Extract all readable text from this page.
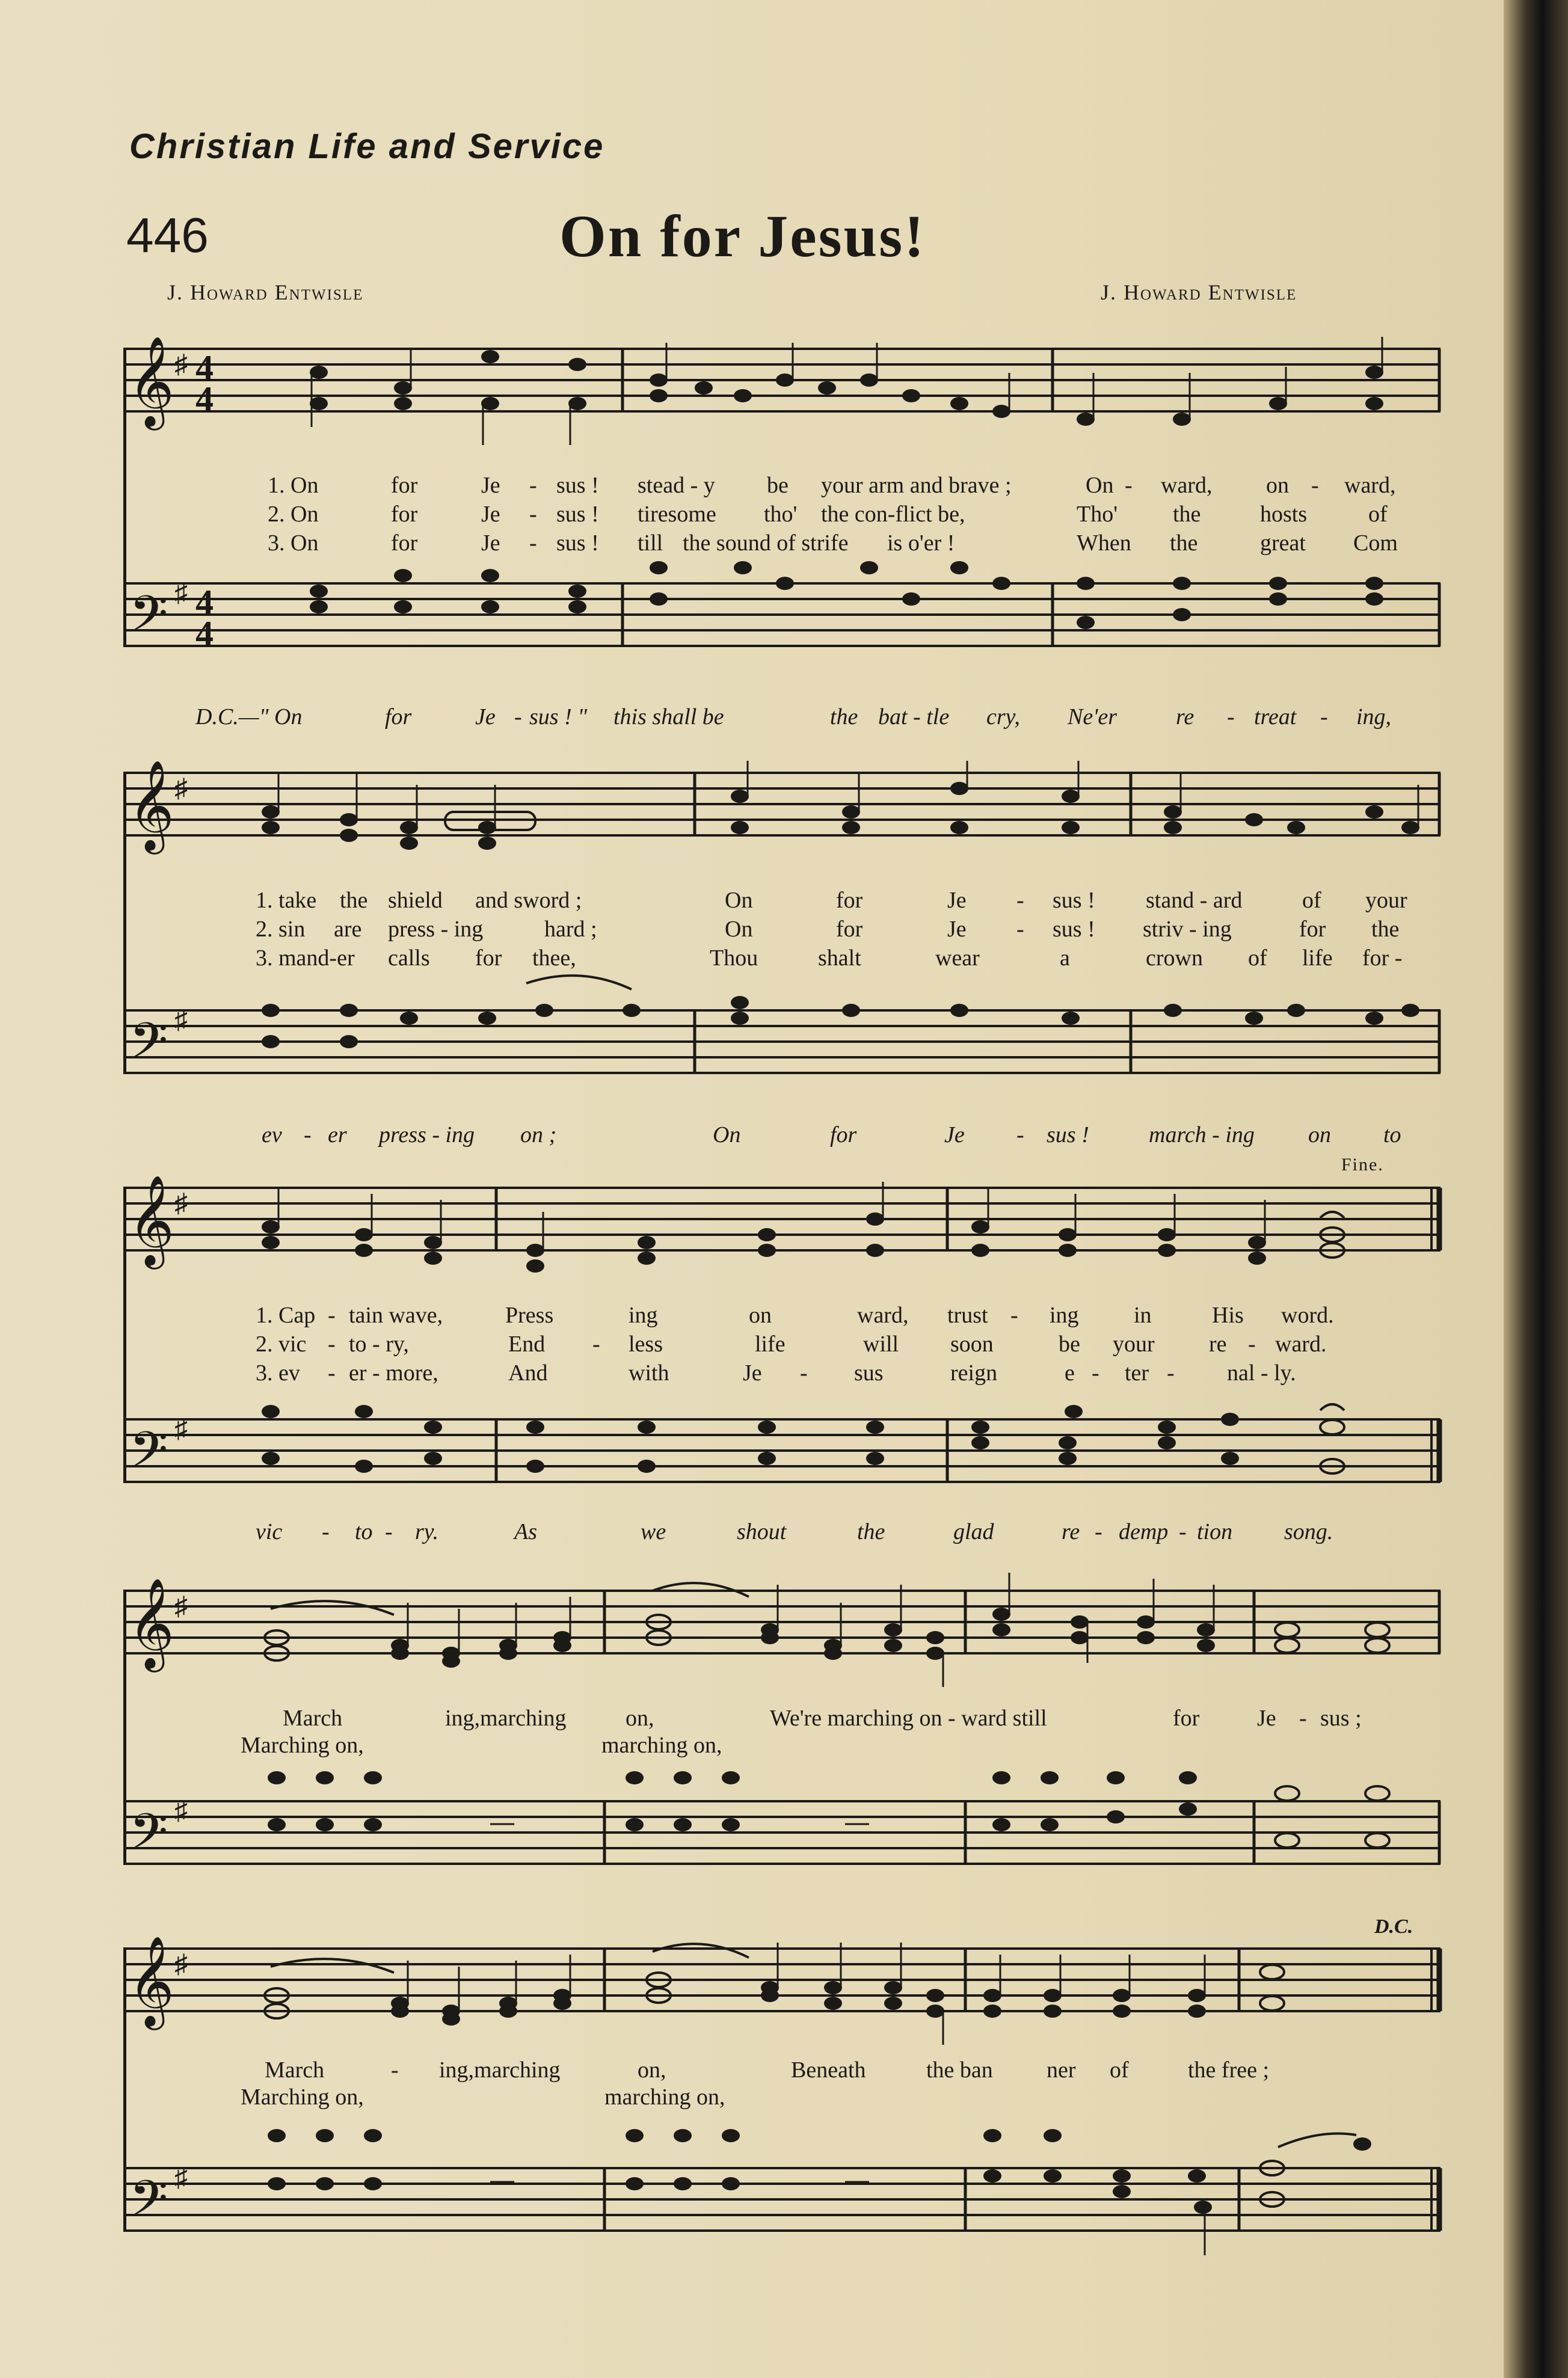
Christian Life and Service
446	On for Jesus!
J. Howard Entwisle	J. Howard Entwisle
𝄞
𝄢
♯
♯
4
4
4
4
1. On	for	Je - sus ! stead - y be your arm and brave ;	On - ward, on - ward,
2. On	for	Je - sus ! tiresome tho' the con-flict be,	Tho' the	hosts	of
3. On	for	Je - sus ! till the sound of strife is o'er !	When the	great Com
D.C.—" On	for	Je - sus ! " this shall be	the bat - tle cry, Ne'er	re - treat - ing,
𝄞
𝄢
♯
♯
1. take the shield and sword ;	On	for	Je - sus ! stand - ard	of your
2. sin are press - ing	hard ;	On	for	Je - sus ! striv - ing	for the
3. mand-er calls for thee,	Thou	shalt	wear	a	crown of life for -
ev - er press - ing on ;	On	for	Je - sus !	march - ing on to
Fine.
𝄞
𝄢
♯
♯
1. Cap - tain wave,	Press	ing	on	ward, trust - ing in	His word.
2. vic - to - ry,	End - less	life	will soon	be your re - ward.
3. ev - er - more,	And	with	Je - sus	reign	e - ter - nal - ly.
vic - to - ry.	As	we	shout	the	glad	re - demp - tion song.
𝄞
𝄢
♯
♯
March	ing,marching	on,	We're marching on - ward still	for	Je - sus ;
Marching on,	marching on,
D.C.
𝄞
𝄢
♯
♯
March	- ing,marching	on,	Beneath	the ban ner of	the free ;
Marching on,	marching on,
